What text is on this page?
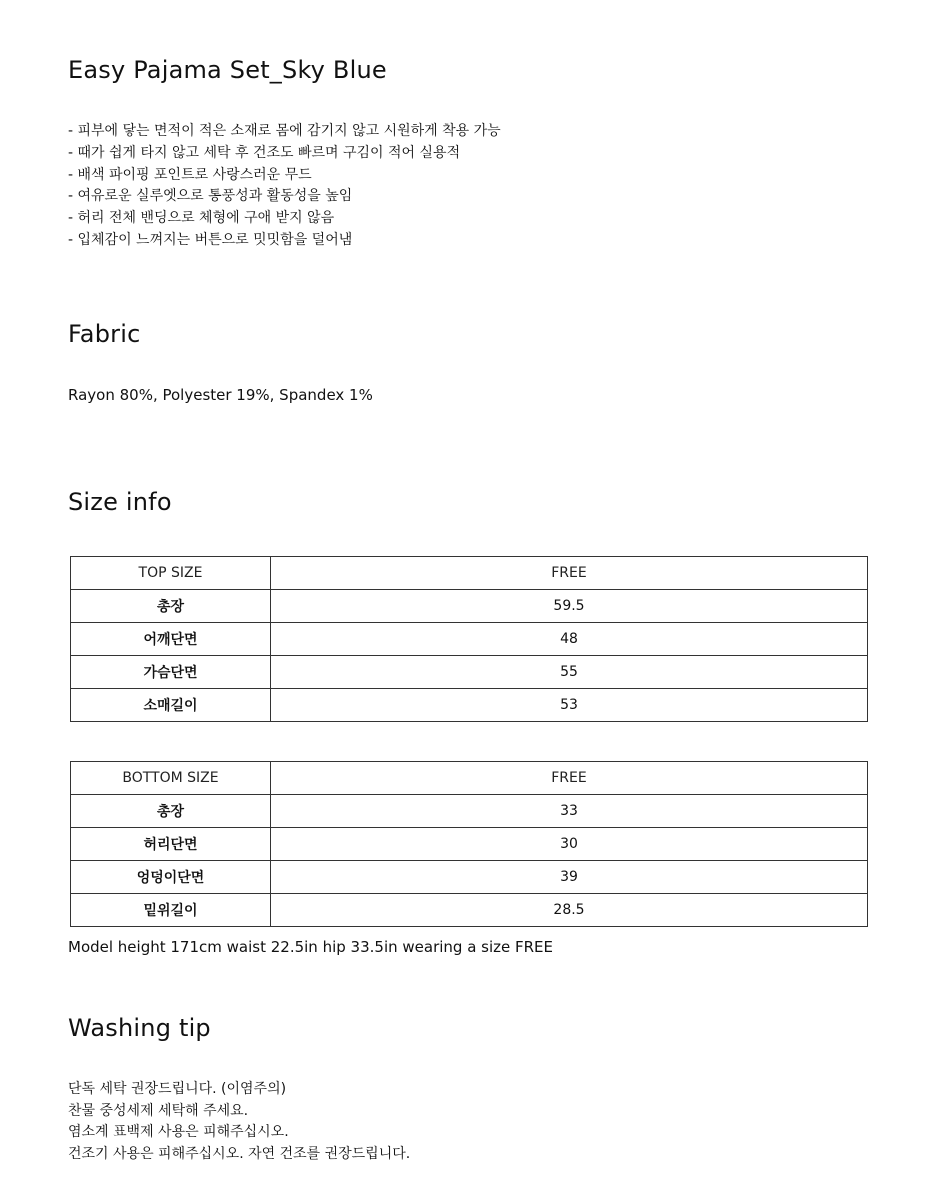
Easy Pajama Set_Sky Blue
- 피부에 닿는 면적이 적은 소재로 몸에 감기지 않고 시원하게 착용 가능
- 때가 쉽게 타지 않고 세탁 후 건조도 빠르며 구김이 적어 실용적
- 배색 파이핑 포인트로 사랑스러운 무드
- 여유로운 실루엣으로 통풍성과 활동성을 높임
- 허리 전체 밴딩으로 체형에 구애 받지 않음
- 입체감이 느껴지는 버튼으로 밋밋함을 덜어냄
Fabric

Rayon 80%, Polyester 19%, Spandex 1%

Size info
TOP SIZE	FREE
총장	59.5
어깨단면	48
가슴단면	55
소매길이	53
BOTTOM SIZE	FREE
총장	33
허리단면	30
엉덩이단면	39
밑위길이	28.5

Model height 171cm waist 22.5in hip 33.5in wearing a size FREE

Washing tip
단독 세탁 권장드립니다. (이염주의)
찬물 중성세제 세탁해 주세요.
염소계 표백제 사용은 피해주십시오.
건조기 사용은 피해주십시오. 자연 건조를 권장드립니다.
